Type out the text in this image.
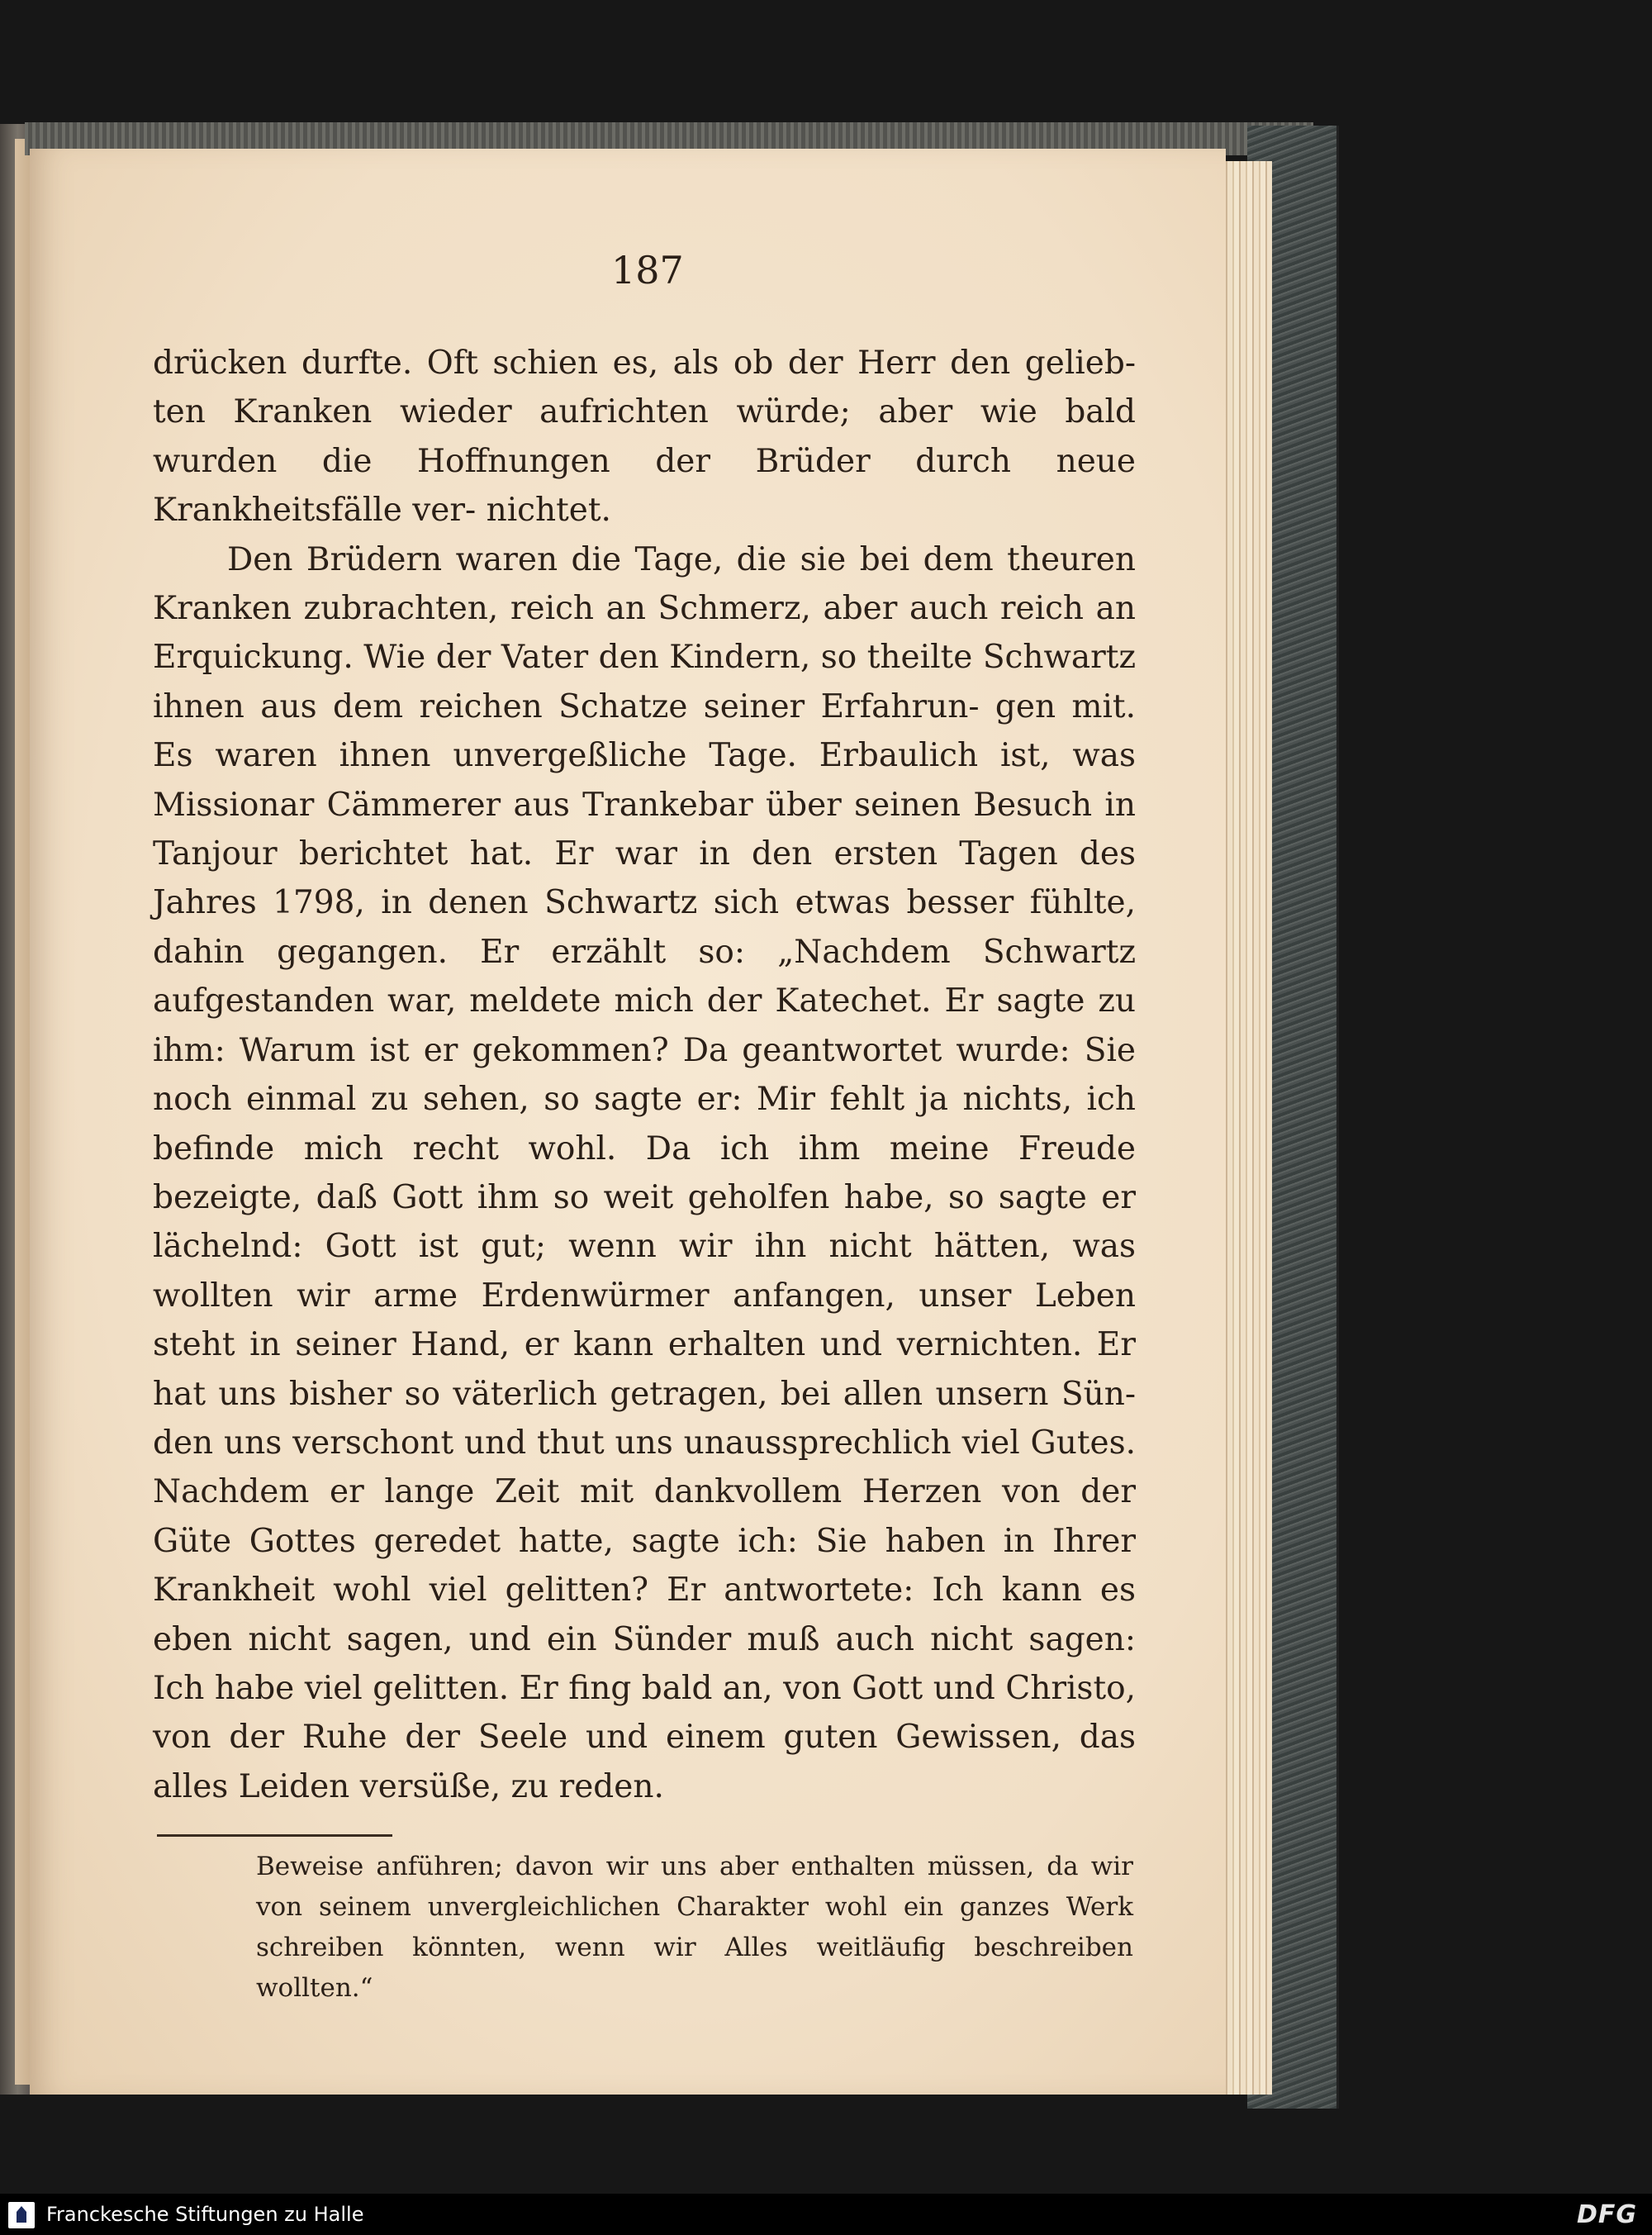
187

drücken durfte. Oft schien es, als ob der Herr den gelieb- ten Kranken wieder aufrichten würde; aber wie bald wurden die Hoffnungen der Brüder durch neue Krankheitsfälle ver- nichtet.

Den Brüdern waren die Tage, die sie bei dem theuren Kranken zubrachten, reich an Schmerz, aber auch reich an Erquickung. Wie der Vater den Kindern, so theilte Schwartz ihnen aus dem reichen Schatze seiner Erfahrun- gen mit. Es waren ihnen unvergeßliche Tage. Erbaulich ist, was Missionar Cämmerer aus Trankebar über seinen Besuch in Tanjour berichtet hat. Er war in den ersten Tagen des Jahres 1798, in denen Schwartz sich etwas besser fühlte, dahin gegangen. Er erzählt so: „Nachdem Schwartz aufgestanden war, meldete mich der Katechet. Er sagte zu ihm: Warum ist er gekommen? Da geantwortet wurde: Sie noch einmal zu sehen, so sagte er: Mir fehlt ja nichts, ich befinde mich recht wohl. Da ich ihm meine Freude bezeigte, daß Gott ihm so weit geholfen habe, so sagte er lächelnd: Gott ist gut; wenn wir ihn nicht hätten, was wollten wir arme Erdenwürmer anfangen, unser Leben steht in seiner Hand, er kann erhalten und vernichten. Er hat uns bisher so väterlich getragen, bei allen unsern Sün- den uns verschont und thut uns unaussprechlich viel Gutes. Nachdem er lange Zeit mit dankvollem Herzen von der Güte Gottes geredet hatte, sagte ich: Sie haben in Ihrer Krankheit wohl viel gelitten? Er antwortete: Ich kann es eben nicht sagen, und ein Sünder muß auch nicht sagen: Ich habe viel gelitten. Er fing bald an, von Gott und Christo, von der Ruhe der Seele und einem guten Gewissen, das alles Leiden versüße, zu reden.

Beweise anführen; davon wir uns aber enthalten müssen, da wir von seinem unvergleichlichen Charakter wohl ein ganzes Werk schreiben könnten, wenn wir Alles weitläufig beschreiben wollten.“

Franckesche Stiftungen zu Halle	DFG
